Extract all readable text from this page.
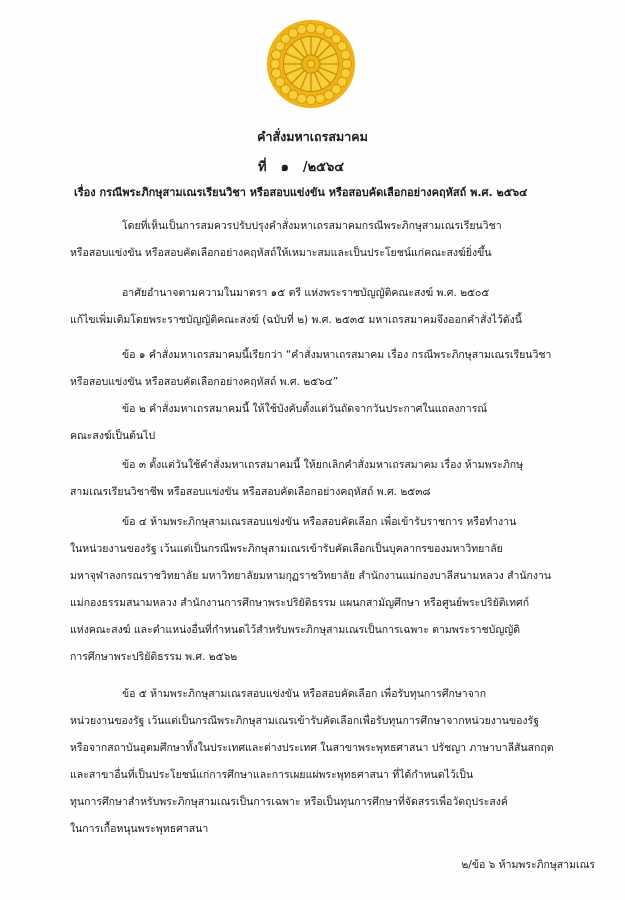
คำสั่งมหาเถรสมาคม
ที่ ๑ /๒๕๖๔
เรื่อง กรณีพระภิกษุสามเณรเรียนวิชา หรือสอบแข่งขัน หรือสอบคัดเลือกอย่างคฤหัสถ์ พ.ศ. ๒๕๖๔
โดยที่เห็นเป็นการสมควรปรับปรุงคำสั่งมหาเถรสมาคมกรณีพระภิกษุสามเณรเรียนวิชา
หรือสอบแข่งขัน หรือสอบคัดเลือกอย่างคฤหัสถ์ให้เหมาะสมและเป็นประโยชน์แก่คณะสงฆ์ยิ่งขึ้น
อาศัยอำนาจตามความในมาตรา ๑๕ ตรี แห่งพระราชบัญญัติคณะสงฆ์ พ.ศ. ๒๕๐๕
แก้ไขเพิ่มเติมโดยพระราชบัญญัติคณะสงฆ์ (ฉบับที่ ๒) พ.ศ. ๒๕๓๕ มหาเถรสมาคมจึงออกคำสั่งไว้ดังนี้
ข้อ ๑ คำสั่งมหาเถรสมาคมนี้เรียกว่า “คำสั่งมหาเถรสมาคม เรื่อง กรณีพระภิกษุสามเณรเรียนวิชา
หรือสอบแข่งขัน หรือสอบคัดเลือกอย่างคฤหัสถ์ พ.ศ. ๒๕๖๔”
ข้อ ๒ คำสั่งมหาเถรสมาคมนี้ ให้ใช้บังคับตั้งแต่วันถัดจากวันประกาศในแถลงการณ์
คณะสงฆ์เป็นต้นไป
ข้อ ๓ ตั้งแต่วันใช้คำสั่งมหาเถรสมาคมนี้ ให้ยกเลิกคำสั่งมหาเถรสมาคม เรื่อง ห้ามพระภิกษุ
สามเณรเรียนวิชาชีพ หรือสอบแข่งขัน หรือสอบคัดเลือกอย่างคฤหัสถ์ พ.ศ. ๒๕๓๘
ข้อ ๔ ห้ามพระภิกษุสามเณรสอบแข่งขัน หรือสอบคัดเลือก เพื่อเข้ารับราชการ หรือทำงาน
ในหน่วยงานของรัฐ เว้นแต่เป็นกรณีพระภิกษุสามเณรเข้ารับคัดเลือกเป็นบุคลากรของมหาวิทยาลัย
มหาจุฬาลงกรณราชวิทยาลัย มหาวิทยาลัยมหามกุฏราชวิทยาลัย สำนักงานแม่กองบาลีสนามหลวง สำนักงาน
แม่กองธรรมสนามหลวง สำนักงานการศึกษาพระปริยัติธรรม แผนกสามัญศึกษา หรือศูนย์พระปริยัติเทศก์
แห่งคณะสงฆ์ และตำแหน่งอื่นที่กำหนดไว้สำหรับพระภิกษุสามเณรเป็นการเฉพาะ ตามพระราชบัญญัติ
การศึกษาพระปริยัติธรรม พ.ศ. ๒๕๖๒
ข้อ ๕ ห้ามพระภิกษุสามเณรสอบแข่งขัน หรือสอบคัดเลือก เพื่อรับทุนการศึกษาจาก
หน่วยงานของรัฐ เว้นแต่เป็นกรณีพระภิกษุสามเณรเข้ารับคัดเลือกเพื่อรับทุนการศึกษาจากหน่วยงานของรัฐ
หรือจากสถาบันอุดมศึกษาทั้งในประเทศและต่างประเทศ ในสาขาพระพุทธศาสนา ปรัชญา ภาษาบาลีสันสกฤต
และสาขาอื่นที่เป็นประโยชน์แก่การศึกษาและการเผยแผ่พระพุทธศาสนา ที่ได้กำหนดไว้เป็น
ทุนการศึกษาสำหรับพระภิกษุสามเณรเป็นการเฉพาะ หรือเป็นทุนการศึกษาที่จัดสรรเพื่อวัตถุประสงค์
ในการเกื้อหนุนพระพุทธศาสนา
๒/ข้อ ๖ ห้ามพระภิกษุสามเณร
